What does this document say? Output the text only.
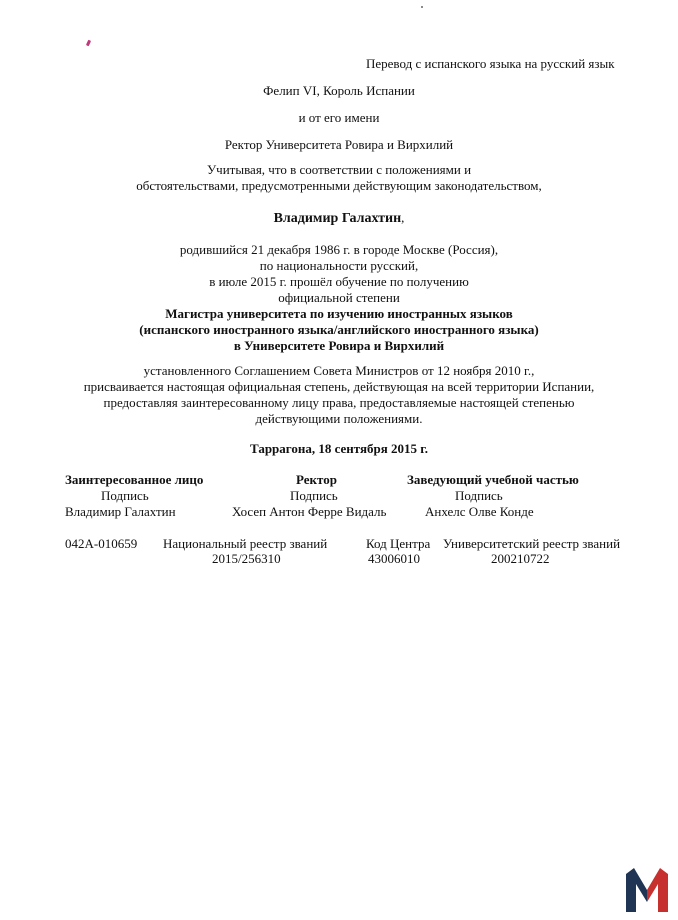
Перевод с испанского языка на русский язык
Фелип VI, Король Испании
и от его имени
Ректор Университета Ровира и Вирхилий
Учитывая, что в соответствии с положениями и
обстоятельствами, предусмотренными действующим законодательством,
Владимир Галахтин,
родившийся 21 декабря 1986 г. в городе Москве (Россия),
по национальности русский,
в июле 2015 г. прошёл обучение по получению
официальной степени
Магистра университета по изучению иностранных языков
(испанского иностранного языка/английского иностранного языка)
в Университете Ровира и Вирхилий
установленного Соглашением Совета Министров от 12 ноября 2010 г.,
присваивается настоящая официальная степень, действующая на всей территории Испании,
предоставляя заинтересованному лицу права, предоставляемые настоящей степенью
действующими положениями.
Таррагона, 18 сентября 2015 г.
Заинтересованное лицо
Подпись
Владимир Галахтин
Ректор
Подпись
Хосеп Антон Ферре Видаль
Заведующий учебной частью
Подпись
Анхелс Олве Конде
042A-010659 Национальный реестр званий
2015/256310
Код Центра
43006010
Университетский реестр званий
200210722
